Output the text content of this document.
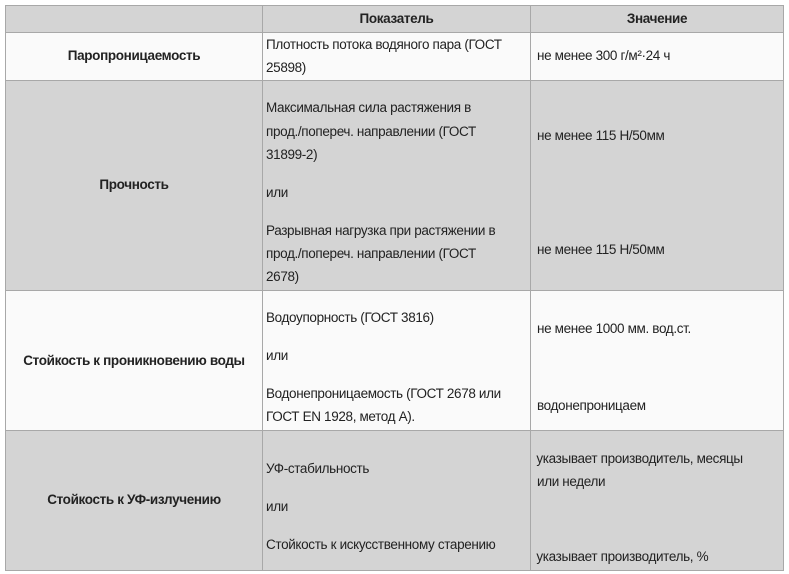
Показатель	Значение
Паропроницаемость
Плотность потока водяного пара (ГОСТ
25898)
не менее 300 г/м²·24 ч
Прочность
Максимальная сила растяжения в
прод./попереч. направлении (ГОСТ
31899-2)
или
Разрывная нагрузка при растяжении в
прод./попереч. направлении (ГОСТ
2678)
не менее 115 Н/50мм
не менее 115 Н/50мм
Стойкость к проникновению воды
Водоупорность (ГОСТ 3816)
или
Водонепроницаемость (ГОСТ 2678 или
ГОСТ EN 1928, метод А).
не менее 1000 мм. вод.ст.
водонепроницаем
Стойкость к УФ-излучению
УФ-стабильность
или
Стойкость к искусственному старению
указывает производитель, месяцы
или недели
указывает производитель, %
